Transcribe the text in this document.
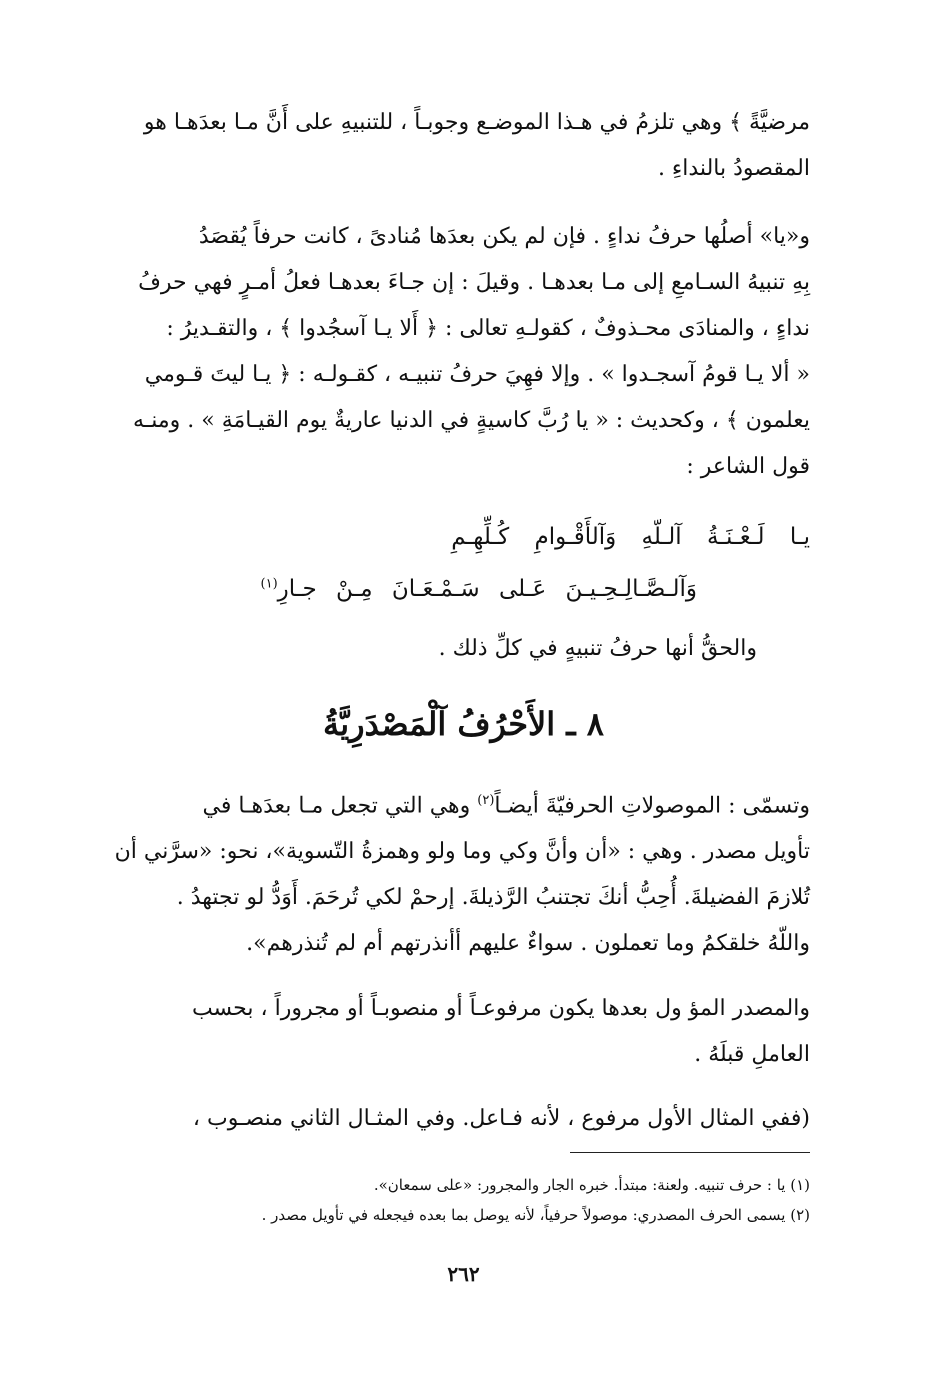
مرضيَّةً ﴾ وهي تلزمُ في هـذا الموضـع وجوبـاً ، للتنبيهِ على أَنَّ مـا بعدَهـا هو

المقصودُ بالنداءِ .

و«يا» أصلُها حرفُ نداءٍ . فإن لم يكن بعدَها مُنادىً ، كانت حرفاً يُقصَدُ

بِهِ تنبيهُ السـامعِ إلى مـا بعدهـا . وقيلَ : إن جـاءَ بعدهـا فعلُ أمـرٍ فهي حرفُ

نداءٍ ، والمنادَى محـذوفٌ ، كقولـهِ تعالى : ﴿ أَلا يـا آسجُدوا ﴾ ، والتقـديرُ :

« ألا يـا قومُ آسجـدوا » . وإلا فهِيَ حرفُ تنبيـه ، كقـولـه : ﴿ يـا ليتَ قـومي

يعلمون ﴾ ، وكحديث : « يا رُبَّ كاسيةٍ في الدنيا عاريةٌ يوم القيـامَةِ » . ومنـه

قول الشاعر :

يـا لَـعْـنَـةُ آلـلّهِ وَآلأَقْـوامِ كُـلِّهِـمِ
وَآلـصَّـالِـحِـيـنَ عَـلى سَـمْـعَـانَ مِـنْ جـارِ$^{(١)}$
والحقُّ أنها حرفُ تنبيهٍ في كلِّ ذلك .
٨ ـ الأَحْرُفُ آلْمَصْدَرِيَّةُ

وتسمّى : الموصولاتِ الحرفيّةَ أيضـاً$^{(٢)}$ وهي التي تجعل مـا بعدَهـا في

تأويل مصدر . وهي : «أن وأنَّ وكي وما ولو وهمزةُ التّسوية»، نحو: «سرَّني أن

تُلازمَ الفضيلةَ. أُحِبُّ أنكَ تجتنبُ الرَّذيلةَ. إرحمْ لكي تُرحَمَ. أَوَدُّ لو تجتهدُ .

واللّهُ خلقكمُ وما تعملون . سواءٌ عليهم أأنذرتهم أم لم تُنذرهم».

والمصدر المؤ ول بعدها يكون مرفوعـاً أو منصوبـاً أو مجروراً ، بحسب

العاملِ قبلَهُ .

(ففي المثال الأول مرفوع ، لأنه فـاعل. وفي المثـال الثاني منصـوب ،

(١) يا : حرف تنبيه. ولعنة: مبتدأ. خبره الجار والمجرور: «على سمعان».

(٢) يسمى الحرف المصدري: موصولاً حرفياً، لأنه يوصل بما بعده فيجعله في تأويل مصدر .

٢٦٢
